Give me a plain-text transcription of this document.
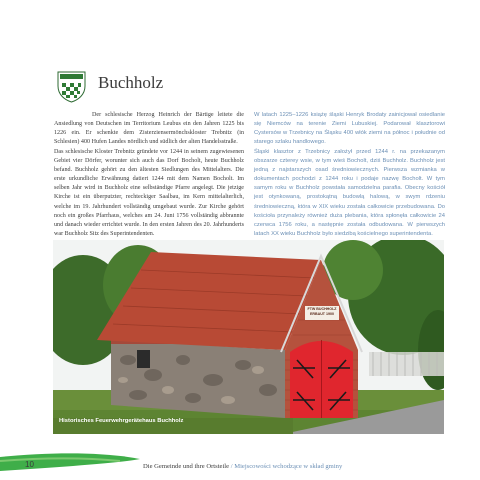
Buchholz

Der schlesische Herzog Heinrich der Bärtige leitete die Ansiedlung von Deutschen im Territorium Leubus ein den Jahren 1225 bis 1226 ein. Er schenkte dem Zisterziensermönchskloster Trebnitz (in Schlesien) 400 Hufen Landes nördlich und südlich der alten Handelsstraße.

Das schlesische Kloster Trebnitz gründete vor 1244 in seinem zugewiesenen Gebiet vier Dörfer, worunter sich auch das Dorf Bocholt, heute Buchholz befand. Buchholz gehört zu den ältesten Siedlungen des Mittelalters. Die erste urkundliche Erwähnung datiert 1244 mit dem Namen Bocholt. Im selben Jahr wird in Buchholz eine selbständige Pfarre angelegt. Die jetzige Kirche ist ein überputzter, rechteckiger Saalbau, im Kern mittelalterlich, welche im 19. Jahrhundert vollständig umgebaut wurde. Zur Kirche gehört noch ein großes Pfarrhaus, welches am 24. Juni 1756 vollständig abbrannte und danach wieder errichtet wurde. In den ersten Jahren des 20. Jahrhunderts war Buchholz Sitz des Superintendenten.

W latach 1225–1226 książę śląski Henryk Brodaty zainicjował osiedlanie się Niemców na terenie Ziemi Lubuskiej. Podarował klasztorowi Cystersów w Trzebnicy na Śląsku 400 włók ziemi na północ i południe od starego szlaku handlowego.

Śląski klasztor z Trzebnicy założył przed 1244 r. na przekazanym obszarze czterey wsie, w tym wieś Bocholt, dziś Buchholz. Buchholz jest jedną z najstarszych osad średniowiecznych. Pierwsza wzmianka w dokumentach pochodzi z 1244 roku i podaje nazwę Bocholt. W tym samym roku w Buchholz powstała samodzielna parafia. Obecny kościół jest otynkowaną, prostokątną budowlą halową, w swym rdzeniu średniowieczną, która w XIX wieku została całkowicie przebudowana. Do kościoła przynależy również duża plebania, która spłonęła całkowicie 24 czerwca 1756 roku, a następnie została odbudowana. W pierwszych latach XX wieku Buchholz było siedzibą kościelnego superintendenta.

FTW BUCHHOLZ
ERBAUT 1900
Historisches Feuerwehrgerätehaus Buchholz
10	Die Gemeinde und ihre Ortsteile / Miejscowości wchodzące w skład gminy
